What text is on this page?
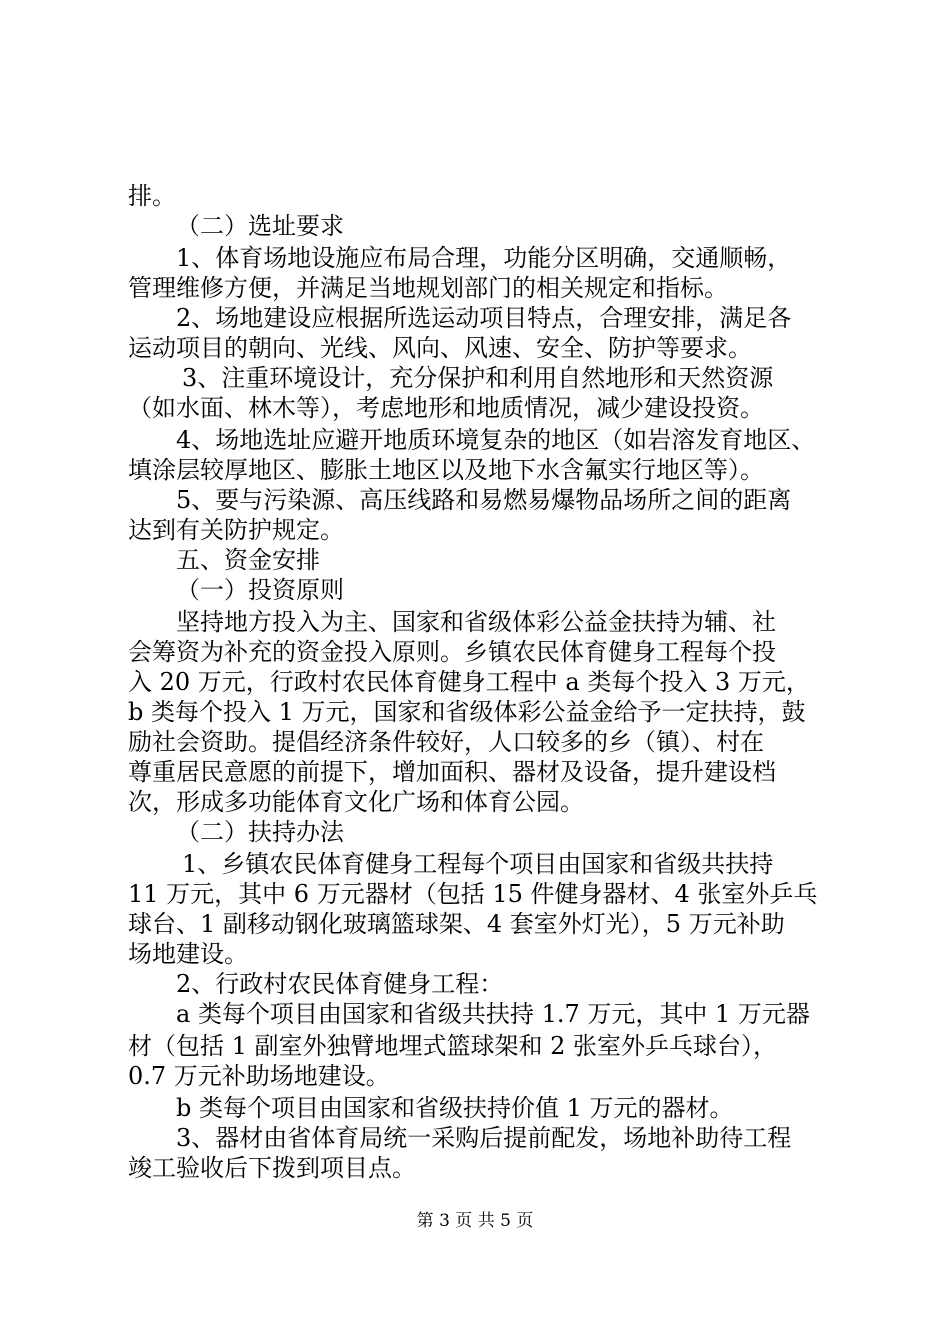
排。
（二）选址要求
1、体育场地设施应布局合理，功能分区明确，交通顺畅，
管理维修方便，并满足当地规划部门的相关规定和指标。
2、场地建设应根据所选运动项目特点，合理安排，满足各
运动项目的朝向、光线、风向、风速、安全、防护等要求。
3、注重环境设计，充分保护和利用自然地形和天然资源
（如水面、林木等），考虑地形和地质情况，减少建设投资。
4、场地选址应避开地质环境复杂的地区（如岩溶发育地区、
填涂层较厚地区、膨胀土地区以及地下水含氟实行地区等）。
5、要与污染源、高压线路和易燃易爆物品场所之间的距离
达到有关防护规定。
五、资金安排
（一）投资原则
坚持地方投入为主、国家和省级体彩公益金扶持为辅、社
会筹资为补充的资金投入原则。乡镇农民体育健身工程每个投
入 20 万元，行政村农民体育健身工程中 a 类每个投入 3 万元，
b 类每个投入 1 万元，国家和省级体彩公益金给予一定扶持，鼓
励社会资助。提倡经济条件较好，人口较多的乡（镇）、村在
尊重居民意愿的前提下，增加面积、器材及设备，提升建设档
次，形成多功能体育文化广场和体育公园。
（二）扶持办法
1、乡镇农民体育健身工程每个项目由国家和省级共扶持
11 万元，其中 6 万元器材（包括 15 件健身器材、4 张室外乒乓
球台、1 副移动钢化玻璃篮球架、4 套室外灯光），5 万元补助
场地建设。
2、行政村农民体育健身工程：
a 类每个项目由国家和省级共扶持 1.7 万元，其中 1 万元器
材（包括 1 副室外独臂地埋式篮球架和 2 张室外乒乓球台），
0.7 万元补助场地建设。
b 类每个项目由国家和省级扶持价值 1 万元的器材。
3、器材由省体育局统一采购后提前配发，场地补助待工程
竣工验收后下拨到项目点。
第 3 页 共 5 页
